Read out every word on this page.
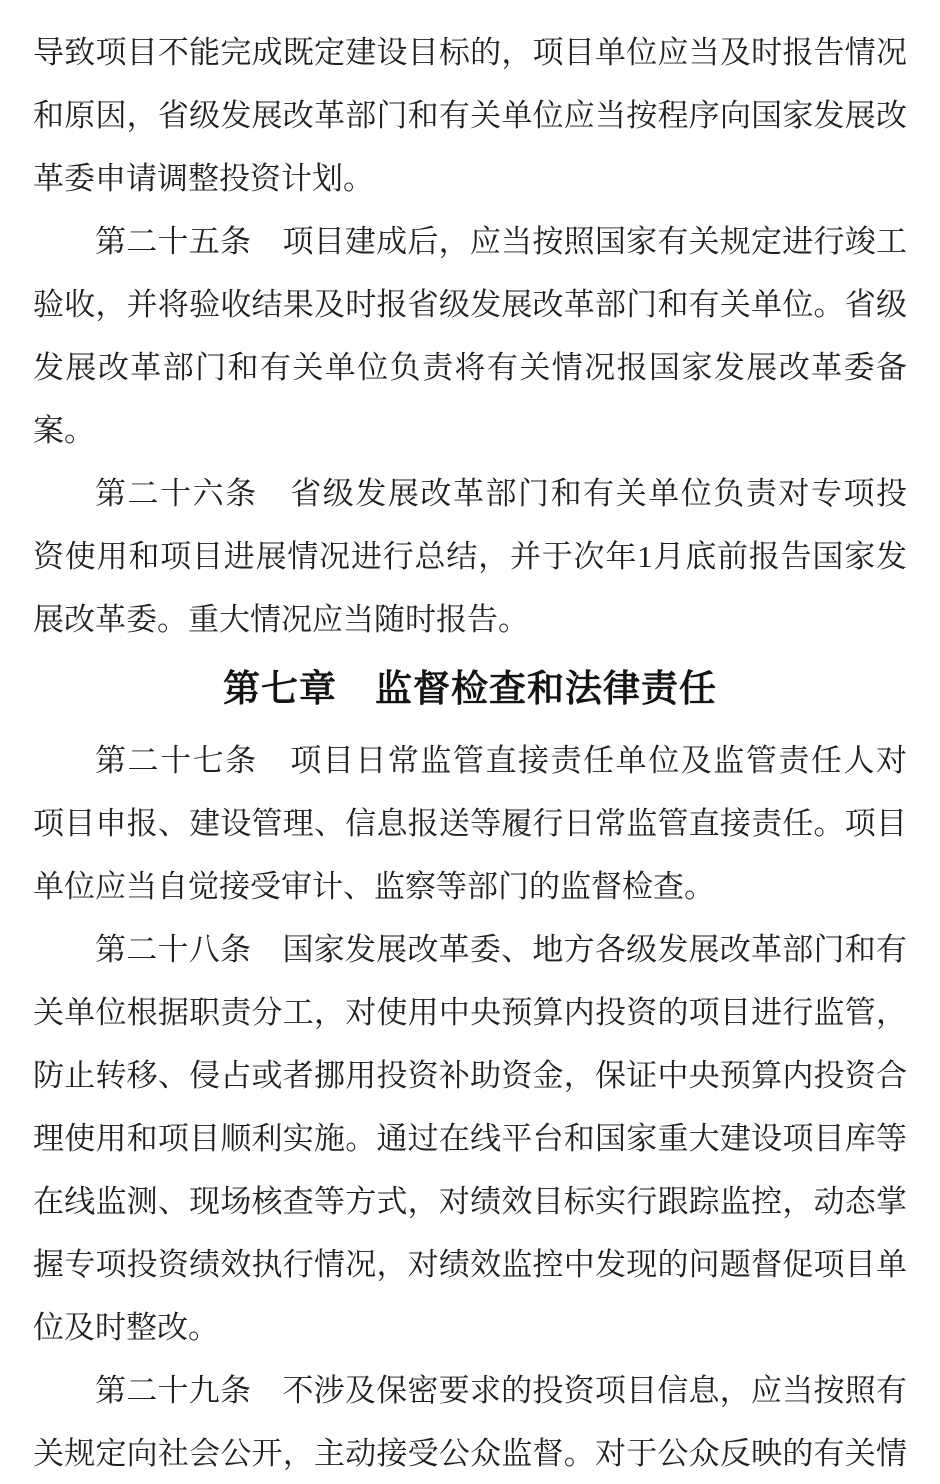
导致项目不能完成既定建设目标的，项目单位应当及时报告情况
和原因，省级发展改革部门和有关单位应当按程序向国家发展改
革委申请调整投资计划。
第二十五条　项目建成后，应当按照国家有关规定进行竣工
验收，并将验收结果及时报省级发展改革部门和有关单位。省级
发展改革部门和有关单位负责将有关情况报国家发展改革委备
案。
第二十六条　省级发展改革部门和有关单位负责对专项投
资使用和项目进展情况进行总结，并于次年1月底前报告国家发
展改革委。重大情况应当随时报告。
第七章　监督检查和法律责任
第二十七条　项目日常监管直接责任单位及监管责任人对
项目申报、建设管理、信息报送等履行日常监管直接责任。项目
单位应当自觉接受审计、监察等部门的监督检查。
第二十八条　国家发展改革委、地方各级发展改革部门和有
关单位根据职责分工，对使用中央预算内投资的项目进行监管，
防止转移、侵占或者挪用投资补助资金，保证中央预算内投资合
理使用和项目顺利实施。通过在线平台和国家重大建设项目库等
在线监测、现场核查等方式，对绩效目标实行跟踪监控，动态掌
握专项投资绩效执行情况，对绩效监控中发现的问题督促项目单
位及时整改。
第二十九条　不涉及保密要求的投资项目信息，应当按照有
关规定向社会公开，主动接受公众监督。对于公众反映的有关情
